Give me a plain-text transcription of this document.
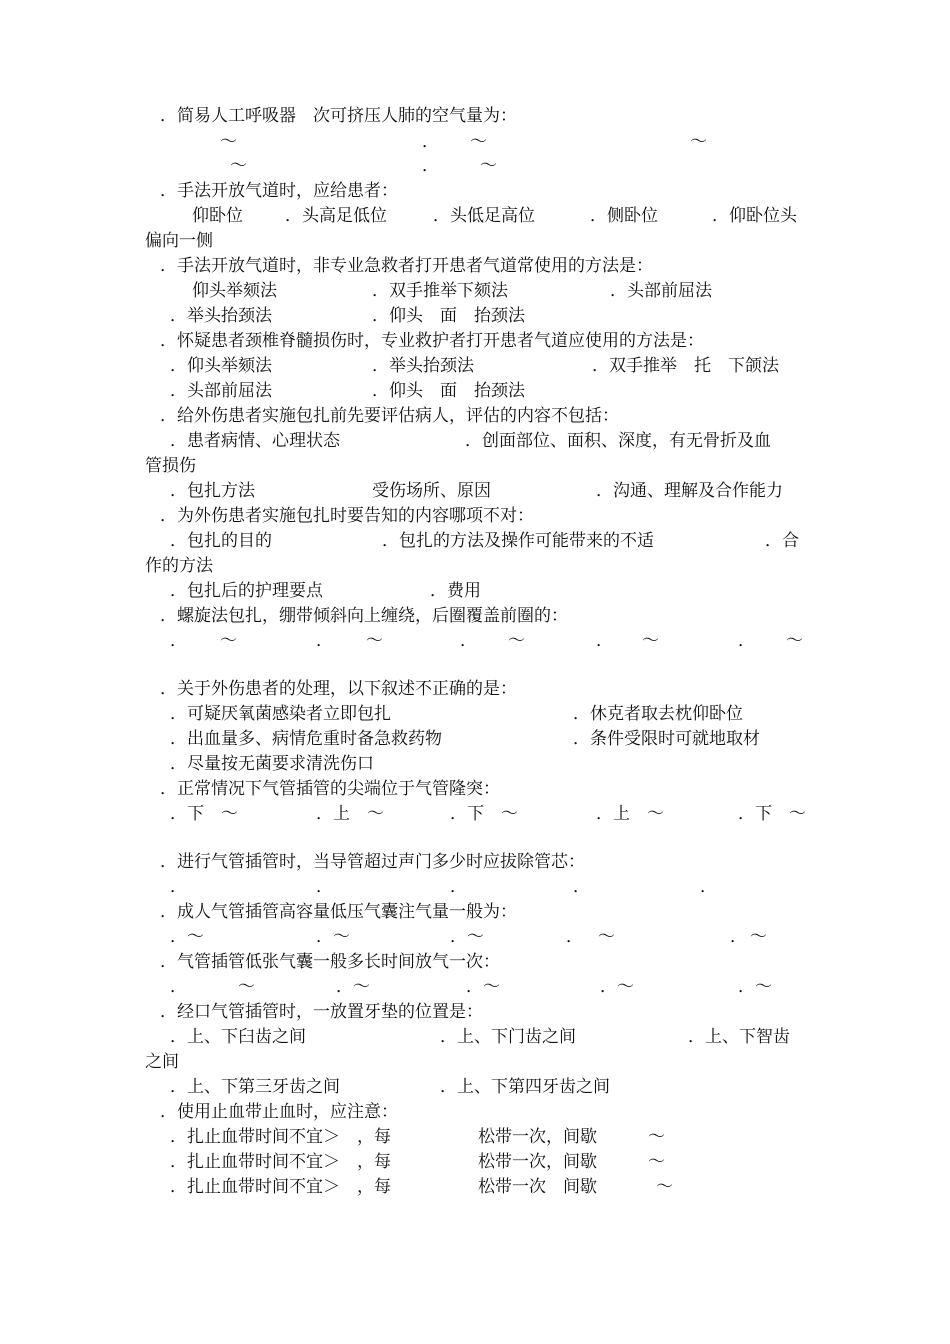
．简易人工呼吸器　次可挤压人肺的空气量为：
～	． ～	～
～	． ～
．手法开放气道时，应给患者：
仰卧位 ．头高足低位	．头低足高位	．侧卧位	．仰卧位头
偏向一侧
．手法开放气道时，非专业急救者打开患者气道常使用的方法是：
仰头举颏法	．双手推举下颏法	．头部前屈法
．举头抬颈法	．仰头　面　抬颈法
．怀疑患者颈椎脊髓损伤时，专业救护者打开患者气道应使用的方法是：
．仰头举颏法	．举头抬颈法	．双手推举　托　下颌法
．头部前屈法	．仰头　面　抬颈法
．给外伤患者实施包扎前先要评估病人，评估的内容不包括：
．患者病情、心理状态	．创面部位、面积、深度，有无骨折及血
管损伤
．包扎方法	受伤场所、原因	．沟通、理解及合作能力
．为外伤患者实施包扎时要告知的内容哪项不对：
．包扎的目的	．包扎的方法及操作可能带来的不适	．合
作的方法
．包扎后的护理要点	．费用
．螺旋法包扎，绷带倾斜向上缠绕，后圈覆盖前圈的：
． ～	． ～	． ～	． ～	． ～
．关于外伤患者的处理，以下叙述不正确的是：
．可疑厌氧菌感染者立即包扎	．休克者取去枕仰卧位
．出血量多、病情危重时备急救药物	．条件受限时可就地取材
．尽量按无菌要求清洗伤口
．正常情况下气管插管的尖端位于气管隆突：
．下　～	．上　～	．下　～	．上　～	．下　～
．进行气管插管时，当导管超过声门多少时应拔除管芯：
．	．	．	．	．
．成人气管插管高容量低压气囊注气量一般为：
．～	．～	．～	． ～	． ～
．气管插管低张气囊一般多长时间放气一次：
．	～	．～	．～	．～	．～
．经口气管插管时，一放置牙垫的位置是：
．上、下臼齿之间	．上、下门齿之间	．上、下智齿
之间
．上、下第三牙齿之间	．上、下第四牙齿之间
．使用止血带止血时，应注意：
．扎止血带时间不宜＞　，每	松带一次，间歇	～
．扎止血带时间不宜＞　，每	松带一次，间歇	～
．扎止血带时间不宜＞　，每	松带一次　间歇	～
